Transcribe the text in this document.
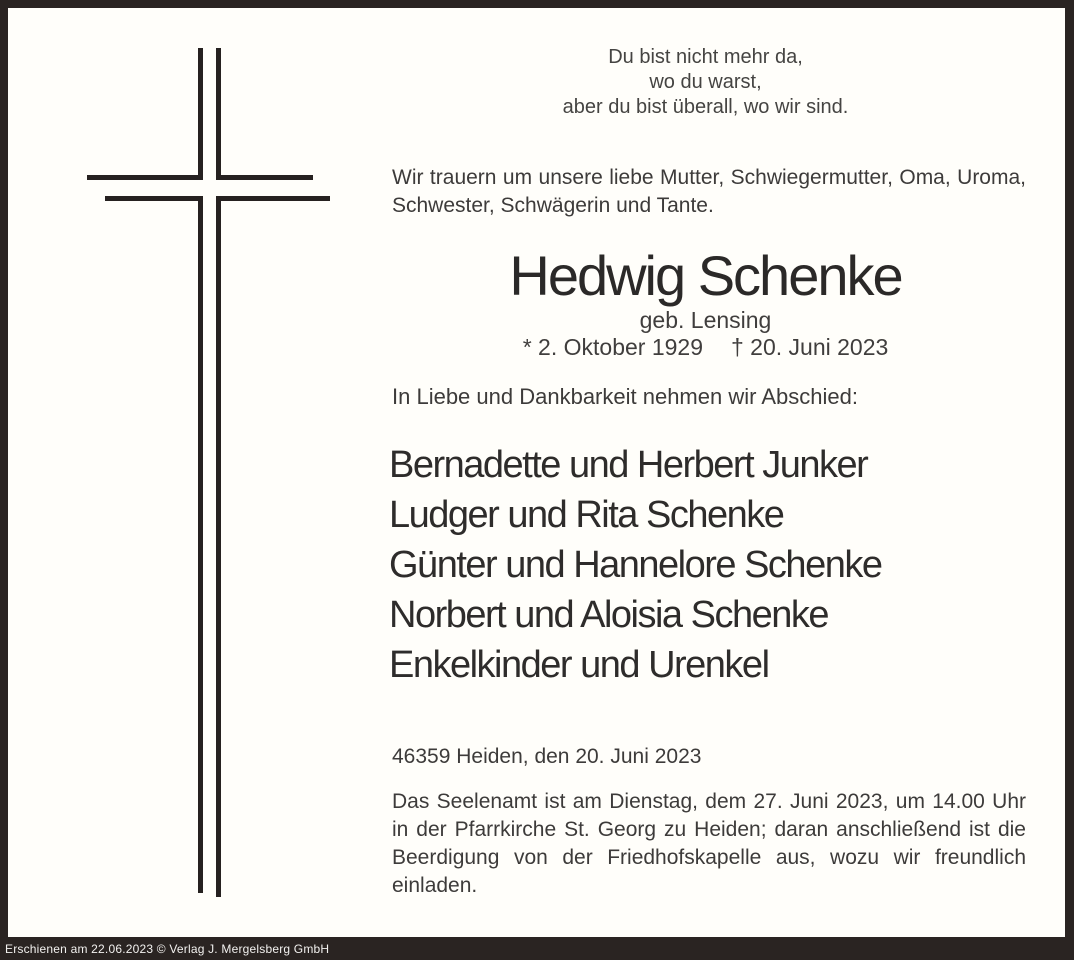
Du bist nicht mehr da,
wo du warst,
aber du bist überall, wo wir sind.
Wir trauern um unsere liebe Mutter, Schwiegermutter, Oma, Uroma, Schwester, Schwägerin und Tante.
Hedwig Schenke
geb. Lensing
* 2. Oktober 1929 † 20. Juni 2023
In Liebe und Dankbarkeit nehmen wir Abschied:
Bernadette und Herbert Junker
Ludger und Rita Schenke
Günter und Hannelore Schenke
Norbert und Aloisia Schenke
Enkelkinder und Urenkel
46359 Heiden, den 20. Juni 2023
Das Seelenamt ist am Dienstag, dem 27. Juni 2023, um 14.00 Uhr in der Pfarrkirche St. Georg zu Heiden; daran anschließend ist die Beerdigung von der Friedhofskapelle aus, wozu wir freundlich einladen.
Erschienen am 22.06.2023 © Verlag J. Mergelsberg GmbH
